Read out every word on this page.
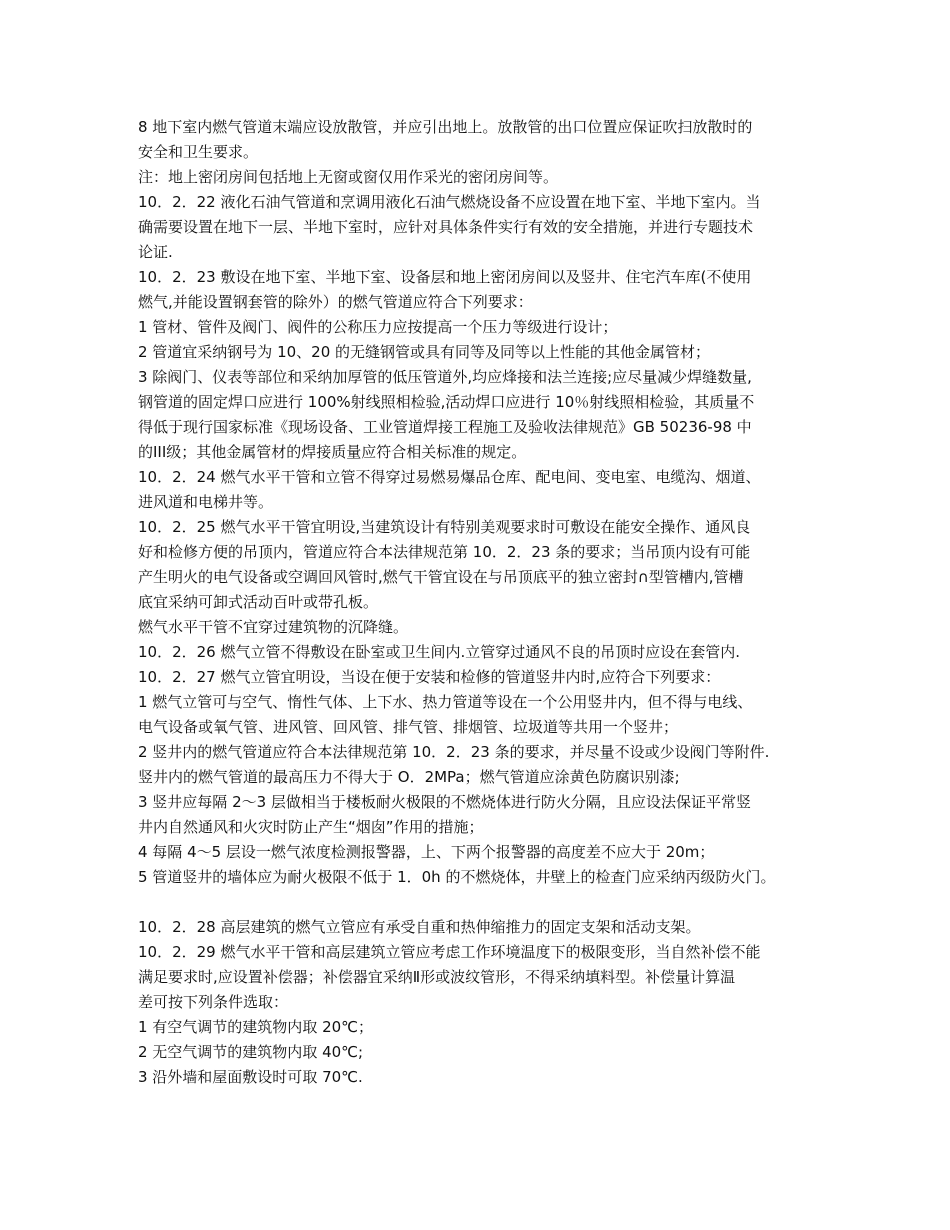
8 地下室内燃气管道末端应设放散管，并应引出地上。放散管的出口位置应保证吹扫放散时的
安全和卫生要求。
注：地上密闭房间包括地上无窗或窗仅用作采光的密闭房间等。
10．2．22 液化石油气管道和烹调用液化石油气燃烧设备不应设置在地下室、半地下室内。当
确需要设置在地下一层、半地下室时，应针对具体条件实行有效的安全措施，并进行专题技术
论证.
10．2．23 敷设在地下室、半地下室、设备层和地上密闭房间以及竖井、住宅汽车库(不使用
燃气,并能设置钢套管的除外）的燃气管道应符合下列要求：
1 管材、管件及阀门、阀件的公称压力应按提高一个压力等级进行设计；
2 管道宜采纳钢号为 10、20 的无缝钢管或具有同等及同等以上性能的其他金属管材；
3 除阀门、仪表等部位和采纳加厚管的低压管道外,均应烽接和法兰连接;应尽量减少焊缝数量,
钢管道的固定焊口应进行 100%射线照相检验,活动焊口应进行 10％射线照相检验，其质量不
得低于现行国家标准《现场设备、工业管道焊接工程施工及验收法律规范》GB 50236-98 中
的III级；其他金属管材的焊接质量应符合相关标准的规定。
10．2．24 燃气水平干管和立管不得穿过易燃易爆品仓库、配电间、变电室、电缆沟、烟道、
进风道和电梯井等。
10．2．25 燃气水平干管宜明设,当建筑设计有特别美观要求时可敷设在能安全操作、通风良
好和检修方便的吊顶内，管道应符合本法律规范第 10．2．23 条的要求；当吊顶内设有可能
产生明火的电气设备或空调回风管时,燃气干管宜设在与吊顶底平的独立密封∩型管槽内,管槽
底宜采纳可卸式活动百叶或带孔板。
燃气水平干管不宜穿过建筑物的沉降缝。
10．2．26 燃气立管不得敷设在卧室或卫生间内.立管穿过通风不良的吊顶时应设在套管内.
10．2．27 燃气立管宜明设，当设在便于安装和检修的管道竖井内时,应符合下列要求：
1 燃气立管可与空气、惰性气体、上下水、热力管道等设在一个公用竖井内，但不得与电线、
电气设备或氧气管、进风管、回风管、排气管、排烟管、垃圾道等共用一个竖井；
2 竖井内的燃气管道应符合本法律规范第 10．2．23 条的要求，并尽量不设或少设阀门等附件.
竖井内的燃气管道的最高压力不得大于 O．2MPa；燃气管道应涂黄色防腐识别漆;
3 竖井应每隔 2～3 层做相当于楼板耐火极限的不燃烧体进行防火分隔，且应设法保证平常竖
井内自然通风和火灾时防止产生“烟囱”作用的措施；
4 每隔 4～5 层设一燃气浓度检测报警器，上、下两个报警器的高度差不应大于 20m；
5 管道竖井的墙体应为耐火极限不低于 1．0h 的不燃烧体，井壁上的检查门应采纳丙级防火门。
10．2．28 高层建筑的燃气立管应有承受自重和热伸缩推力的固定支架和活动支架。
10．2．29 燃气水平干管和高层建筑立管应考虑工作环境温度下的极限变形，当自然补偿不能
满足要求时,应设置补偿器；补偿器宜采纳Ⅱ形或波纹管形，不得采纳填料型。补偿量计算温
差可按下列条件选取：
1 有空气调节的建筑物内取 20℃；
2 无空气调节的建筑物内取 40℃;
3 沿外墙和屋面敷设时可取 70℃.
